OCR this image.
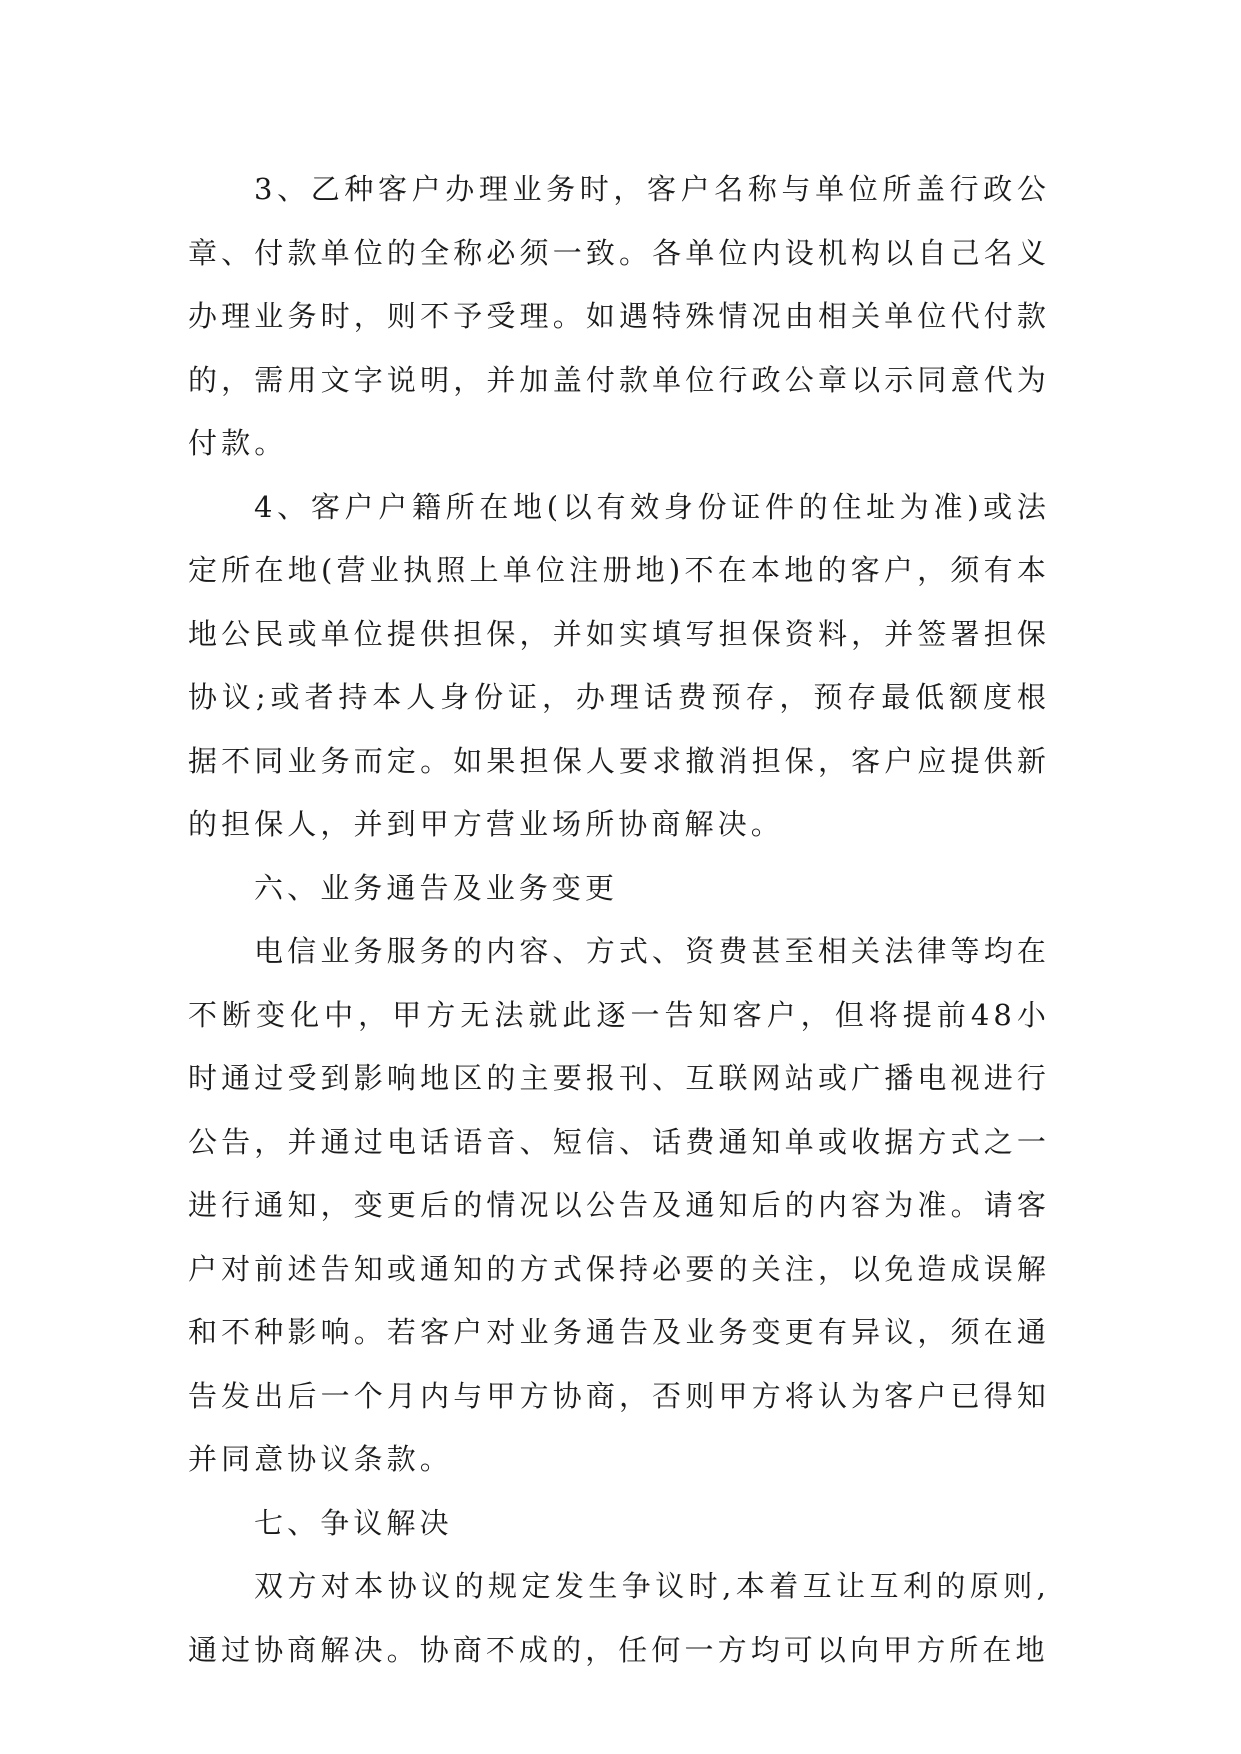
3、乙种客户办理业务时，客户名称与单位所盖行政公章、付款单位的全称必须一致。各单位内设机构以自己名义办理业务时，则不予受理。如遇特殊情况由相关单位代付款的，需用文字说明，并加盖付款单位行政公章以示同意代为付款。

4、客户户籍所在地(以有效身份证件的住址为准)或法定所在地(营业执照上单位注册地)不在本地的客户，须有本地公民或单位提供担保，并如实填写担保资料，并签署担保协议;或者持本人身份证，办理话费预存，预存最低额度根据不同业务而定。如果担保人要求撤消担保，客户应提供新的担保人，并到甲方营业场所协商解决。

六、业务通告及业务变更

电信业务服务的内容、方式、资费甚至相关法律等均在不断变化中，甲方无法就此逐一告知客户，但将提前48小时通过受到影响地区的主要报刊、互联网站或广播电视进行公告，并通过电话语音、短信、话费通知单或收据方式之一进行通知，变更后的情况以公告及通知后的内容为准。请客户对前述告知或通知的方式保持必要的关注，以免造成误解和不种影响。若客户对业务通告及业务变更有异议，须在通告发出后一个月内与甲方协商，否则甲方将认为客户已得知并同意协议条款。

七、争议解决

双方对本协议的规定发生争议时,本着互让互利的原则,通过协商解决。协商不成的，任何一方均可以向甲方所在地
